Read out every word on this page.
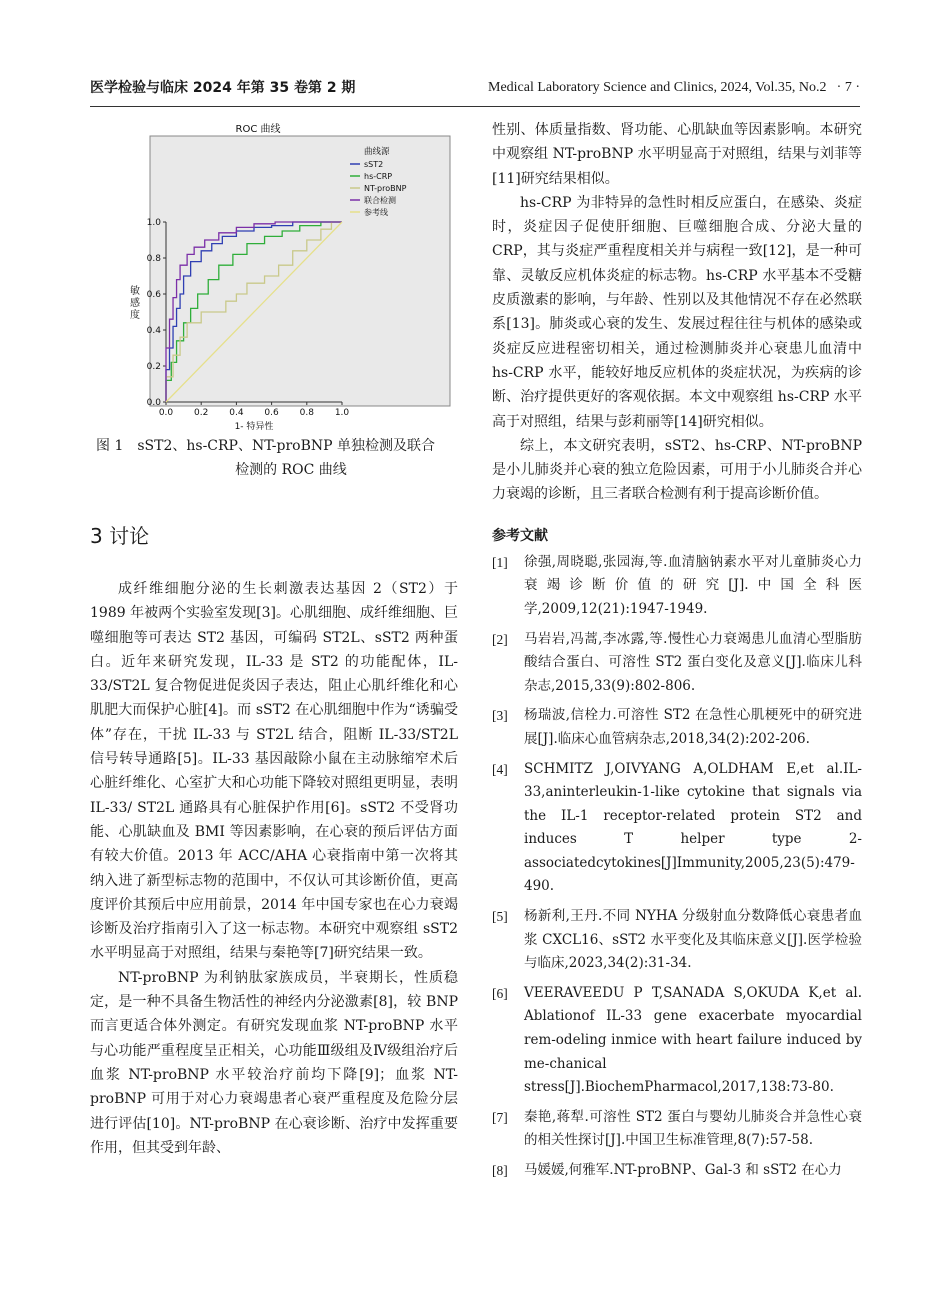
医学检验与临床 2024 年第 35 卷第 2 期	Medical Laboratory Science and Clinics, 2024, Vol.35, No.2 · 7 ·
ROC 曲线
0.0 0.2 0.4 0.6 0.8 1.0
0.0
0.2
0.4
0.6
0.8
1.0
1- 特异性
敏感度
曲线源
sST2
hs-CRP
NT-proBNP
联合检测
参考线
图 1　sST2、hs-CRP、NT-proBNP 单独检测及联合
检测的 ROC 曲线
3 讨论

成纤维细胞分泌的生长刺激表达基因 2（ST2）于 1989 年被两个实验室发现[3]。心肌细胞、成纤维细胞、巨噬细胞等可表达 ST2 基因，可编码 ST2L、sST2 两种蛋白。近年来研究发现，IL-33 是 ST2 的功能配体，IL-33/ST2L 复合物促进促炎因子表达，阻止心肌纤维化和心肌肥大而保护心脏[4]。而 sST2 在心肌细胞中作为“诱骗受体”存在，干扰 IL-33 与 ST2L 结合，阻断 IL-33/ST2L 信号转导通路[5]。IL-33 基因敲除小鼠在主动脉缩窄术后心脏纤维化、心室扩大和心功能下降较对照组更明显，表明 IL-33/ ST2L 通路具有心脏保护作用[6]。sST2 不受肾功能、心肌缺血及 BMI 等因素影响，在心衰的预后评估方面有较大价值。2013 年 ACC/AHA 心衰指南中第一次将其纳入进了新型标志物的范围中，不仅认可其诊断价值，更高度评价其预后中应用前景，2014 年中国专家也在心力衰竭诊断及治疗指南引入了这一标志物。本研究中观察组 sST2 水平明显高于对照组，结果与秦艳等[7]研究结果一致。

NT-proBNP 为利钠肽家族成员，半衰期长，性质稳定，是一种不具备生物活性的神经内分泌激素[8]，较 BNP 而言更适合体外测定。有研究发现血浆 NT-proBNP 水平与心功能严重程度呈正相关，心功能Ⅲ级组及Ⅳ级组治疗后血浆 NT-proBNP 水平较治疗前均下降[9]；血浆 NT-proBNP 可用于对心力衰竭患者心衰严重程度及危险分层进行评估[10]。NT-proBNP 在心衰诊断、治疗中发挥重要作用，但其受到年龄、

性别、体质量指数、肾功能、心肌缺血等因素影响。本研究中观察组 NT-proBNP 水平明显高于对照组，结果与刘菲等[11]研究结果相似。

hs-CRP 为非特异的急性时相反应蛋白，在感染、炎症时，炎症因子促使肝细胞、巨噬细胞合成、分泌大量的 CRP，其与炎症严重程度相关并与病程一致[12]，是一种可靠、灵敏反应机体炎症的标志物。hs-CRP 水平基本不受糖皮质激素的影响，与年龄、性别以及其他情况不存在必然联系[13]。肺炎或心衰的发生、发展过程往往与机体的感染或炎症反应进程密切相关，通过检测肺炎并心衰患儿血清中 hs-CRP 水平，能较好地反应机体的炎症状况，为疾病的诊断、治疗提供更好的客观依据。本文中观察组 hs-CRP 水平高于对照组，结果与彭莉丽等[14]研究相似。

综上，本文研究表明，sST2、hs-CRP、NT-proBNP 是小儿肺炎并心衰的独立危险因素，可用于小儿肺炎合并心力衰竭的诊断，且三者联合检测有利于提高诊断价值。

参考文献
[1] 徐强,周晓聪,张园海,等.血清脑钠素水平对儿童肺炎心力衰竭诊断价值的研究[J].中国全科医学,2009,12(21):1947-1949.
[2] 马岩岩,冯蒿,李冰露,等.慢性心力衰竭患儿血清心型脂肪酸结合蛋白、可溶性 ST2 蛋白变化及意义[J].临床儿科杂志,2015,33(9):802-806.
[3] 杨瑞波,信栓力.可溶性 ST2 在急性心肌梗死中的研究进展[J].临床心血管病杂志,2018,34(2):202-206.
[4] SCHMITZ J,OIVYANG A,OLDHAM E,et al.IL-33,aninterleukin-1-like cytokine that signals via the IL-1 receptor-related protein ST2 and induces T helper type 2-associatedcytokines[J]Immunity,2005,23(5):479-490.
[5] 杨新利,王丹.不同 NYHA 分级射血分数降低心衰患者血浆 CXCL16、sST2 水平变化及其临床意义[J].医学检验与临床,2023,34(2):31-34.
[6] VEERAVEEDU P T,SANADA S,OKUDA K,et al. Ablationof IL-33 gene exacerbate myocardial rem-odeling inmice with heart failure induced by me-chanical stress[J].BiochemPharmacol,2017,138:73-80.
[7] 秦艳,蒋犁.可溶性 ST2 蛋白与婴幼儿肺炎合并急性心衰的相关性探讨[J].中国卫生标准管理,8(7):57-58.
[8] 马媛媛,何雅军.NT-proBNP、Gal-3 和 sST2 在心力
